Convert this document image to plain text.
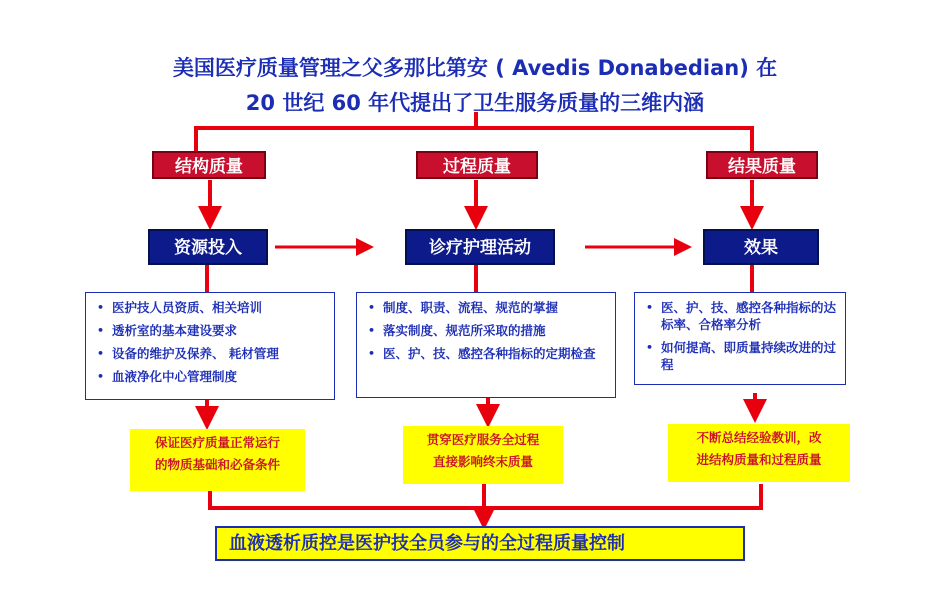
美国医疗质量管理之父多那比第安 ( Avedis Donabedian) 在
20 世纪 60 年代提出了卫生服务质量的三维内涵
结构质量	过程质量	结果质量
资源投入	诊疗护理活动	效果
• 医护技人员资质、相关培训
• 透析室的基本建设要求
• 设备的维护及保养、 耗材管理
• 血液净化中心管理制度
• 制度、职责、流程、规范的掌握
• 落实制度、规范所采取的措施
• 医、护、技、感控各种指标的定期检查
• 医、护、技、感控各种指标的达标率、合格率分析
• 如何提高、即质量持续改进的过程
保证医疗质量正常运行
的物质基础和必备条件
贯穿医疗服务全过程
直接影响终末质量
不断总结经验教训，改
进结构质量和过程质量
血液透析质控是医护技全员参与的全过程质量控制
